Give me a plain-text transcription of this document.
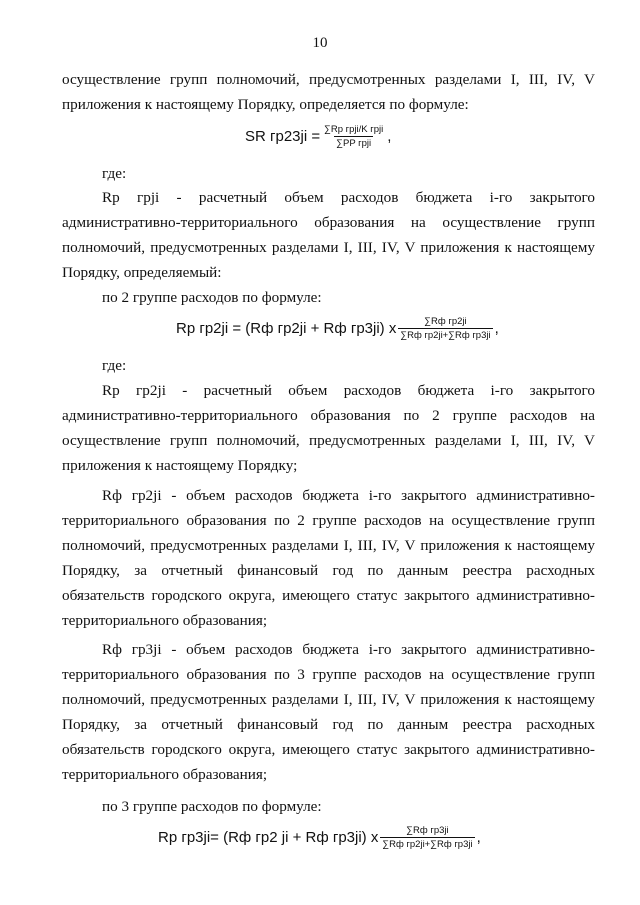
10
осуществление групп полномочий, предусмотренных разделами I, III, IV, V
приложения к настоящему Порядку, определяется по формуле:
где:
Rp грji - расчетный объем расходов бюджета i-го закрытого
административно-территориального образования на осуществление групп
полномочий, предусмотренных разделами I, III, IV, V приложения к настоящему
Порядку, определяемый:
по 2 группе расходов по формуле:
где:
Rp гр2ji - расчетный объем расходов бюджета i-го закрытого
административно-территориального образования по 2 группе расходов на
осуществление групп полномочий, предусмотренных разделами I, III, IV, V
приложения к настоящему Порядку;
Rф гр2ji - объем расходов бюджета i-го закрытого административно-
территориального образования по 2 группе расходов на осуществление групп
полномочий, предусмотренных разделами I, III, IV, V приложения к настоящему
Порядку, за отчетный финансовый год по данным реестра расходных
обязательств городского округа, имеющего статус закрытого административно-
территориального образования;
Rф гр3ji - объем расходов бюджета i-го закрытого административно-
территориального образования по 3 группе расходов на осуществление групп
полномочий, предусмотренных разделами I, III, IV, V приложения к настоящему
Порядку, за отчетный финансовый год по данным реестра расходных
обязательств городского округа, имеющего статус закрытого административно-
территориального образования;
по 3 группе расходов по формуле:
SR $гр23ji = \frac{\text{∑Rp грji/K грji}}{\text{∑PP грji}}$ ,
Rp гр2ji = (Rф гр2ji + Rф гр3ji) х $\frac{\text{∑Rф гр2ji}}{\text{∑Rф гр2ji+∑Rф гр3ji}}$ ,
Rp гр3ji= (Rф гр2 ji + Rф гр3ji) х $\frac{\text{∑Rф гр3ji}}{\text{∑Rф гр2ji+∑Rф гр3ji}}$ ,
